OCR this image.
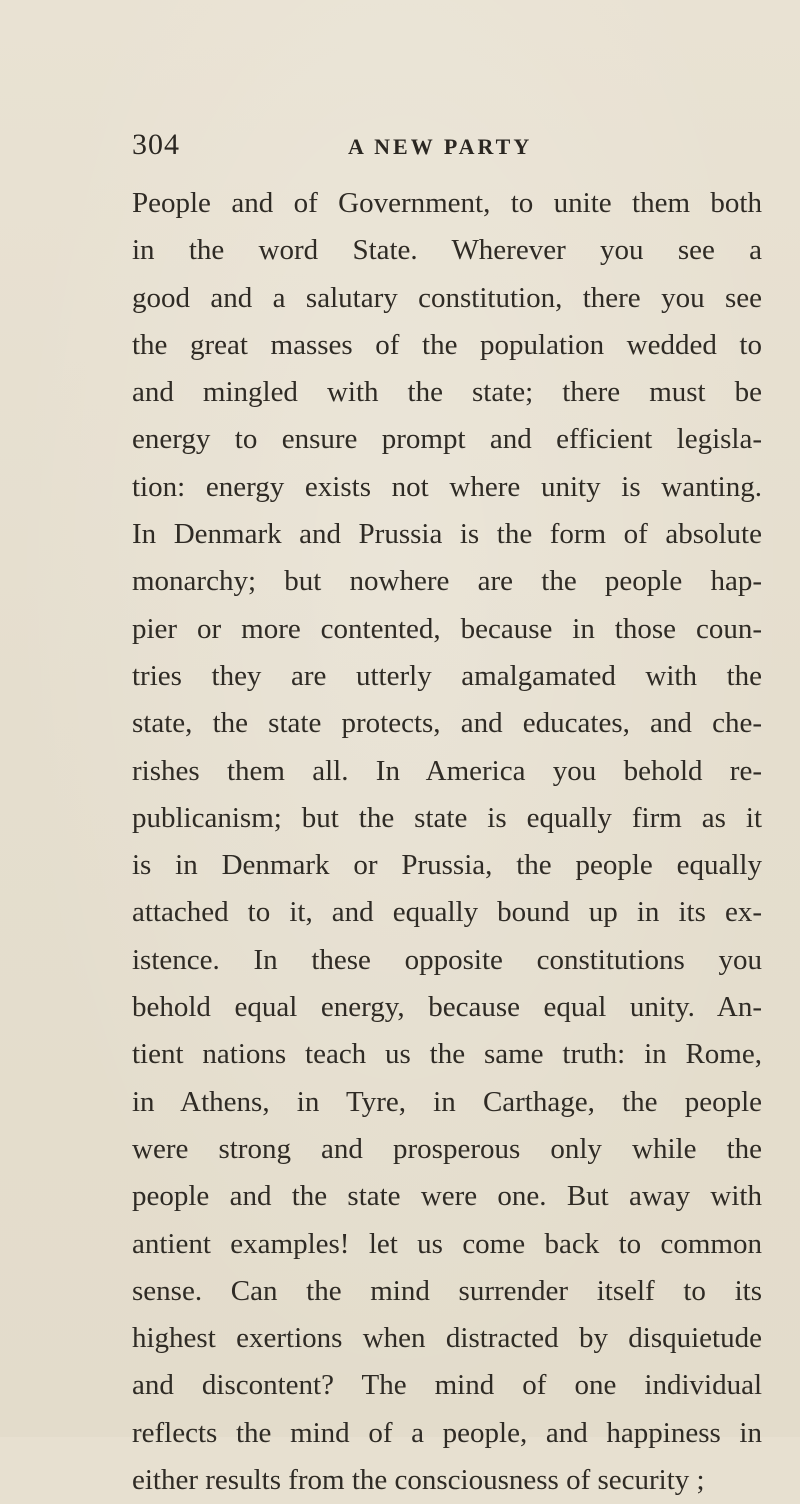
304	A NEW PARTY
People and of Government, to unite them both
in the word State. Wherever you see a
good and a salutary constitution, there you see
the great masses of the population wedded to
and mingled with the state; there must be
energy to ensure prompt and efficient legisla-
tion: energy exists not where unity is wanting.
In Denmark and Prussia is the form of absolute
monarchy; but nowhere are the people hap-
pier or more contented, because in those coun-
tries they are utterly amalgamated with the
state, the state protects, and educates, and che-
rishes them all. In America you behold re-
publicanism; but the state is equally firm as it
is in Denmark or Prussia, the people equally
attached to it, and equally bound up in its ex-
istence. In these opposite constitutions you
behold equal energy, because equal unity. An-
tient nations teach us the same truth: in Rome,
in Athens, in Tyre, in Carthage, the people
were strong and prosperous only while the
people and the state were one. But away with
antient examples! let us come back to common
sense. Can the mind surrender itself to its
highest exertions when distracted by disquietude
and discontent? The mind of one individual
reflects the mind of a people, and happiness in
either results from the consciousness of security ;
